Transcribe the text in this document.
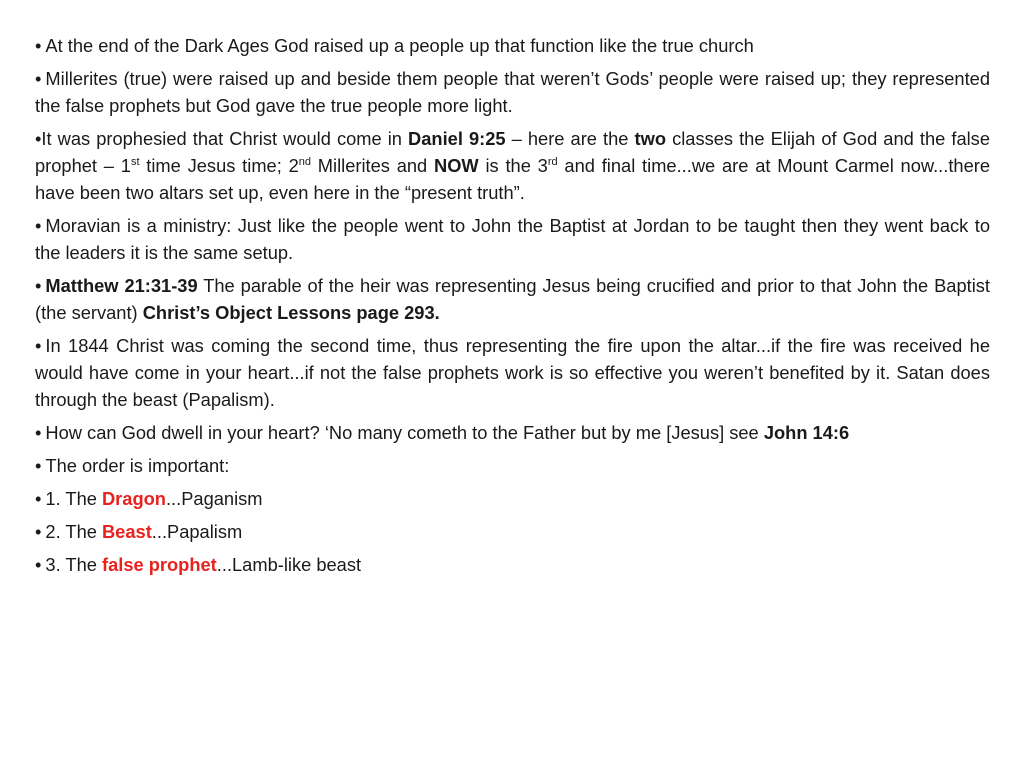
• At the end of the Dark Ages God raised up a people up that function like the true church

• Millerites (true) were raised up and beside them people that weren’t Gods’ people were raised up; they represented the false prophets but God gave the true people more light.

•It was prophesied that Christ would come in Daniel 9:25 – here are the two classes the Elijah of God and the false prophet – 1st time Jesus time; 2nd Millerites and NOW is the 3rd and final time...we are at Mount Carmel now...there have been two altars set up, even here in the “present truth”.

• Moravian is a ministry: Just like the people went to John the Baptist at Jordan to be taught then they went back to the leaders it is the same setup.

• Matthew 21:31-39 The parable of the heir was representing Jesus being crucified and prior to that John the Baptist (the servant) Christ’s Object Lessons page 293.

• In 1844 Christ was coming the second time, thus representing the fire upon the altar...if the fire was received he would have come in your heart...if not the false prophets work is so effective you weren’t benefited by it. Satan does through the beast (Papalism).

• How can God dwell in your heart? ‘No many cometh to the Father but by me [Jesus] see John 14:6

• The order is important:

• 1. The Dragon...Paganism

• 2. The Beast...Papalism

• 3. The false prophet...Lamb-like beast
